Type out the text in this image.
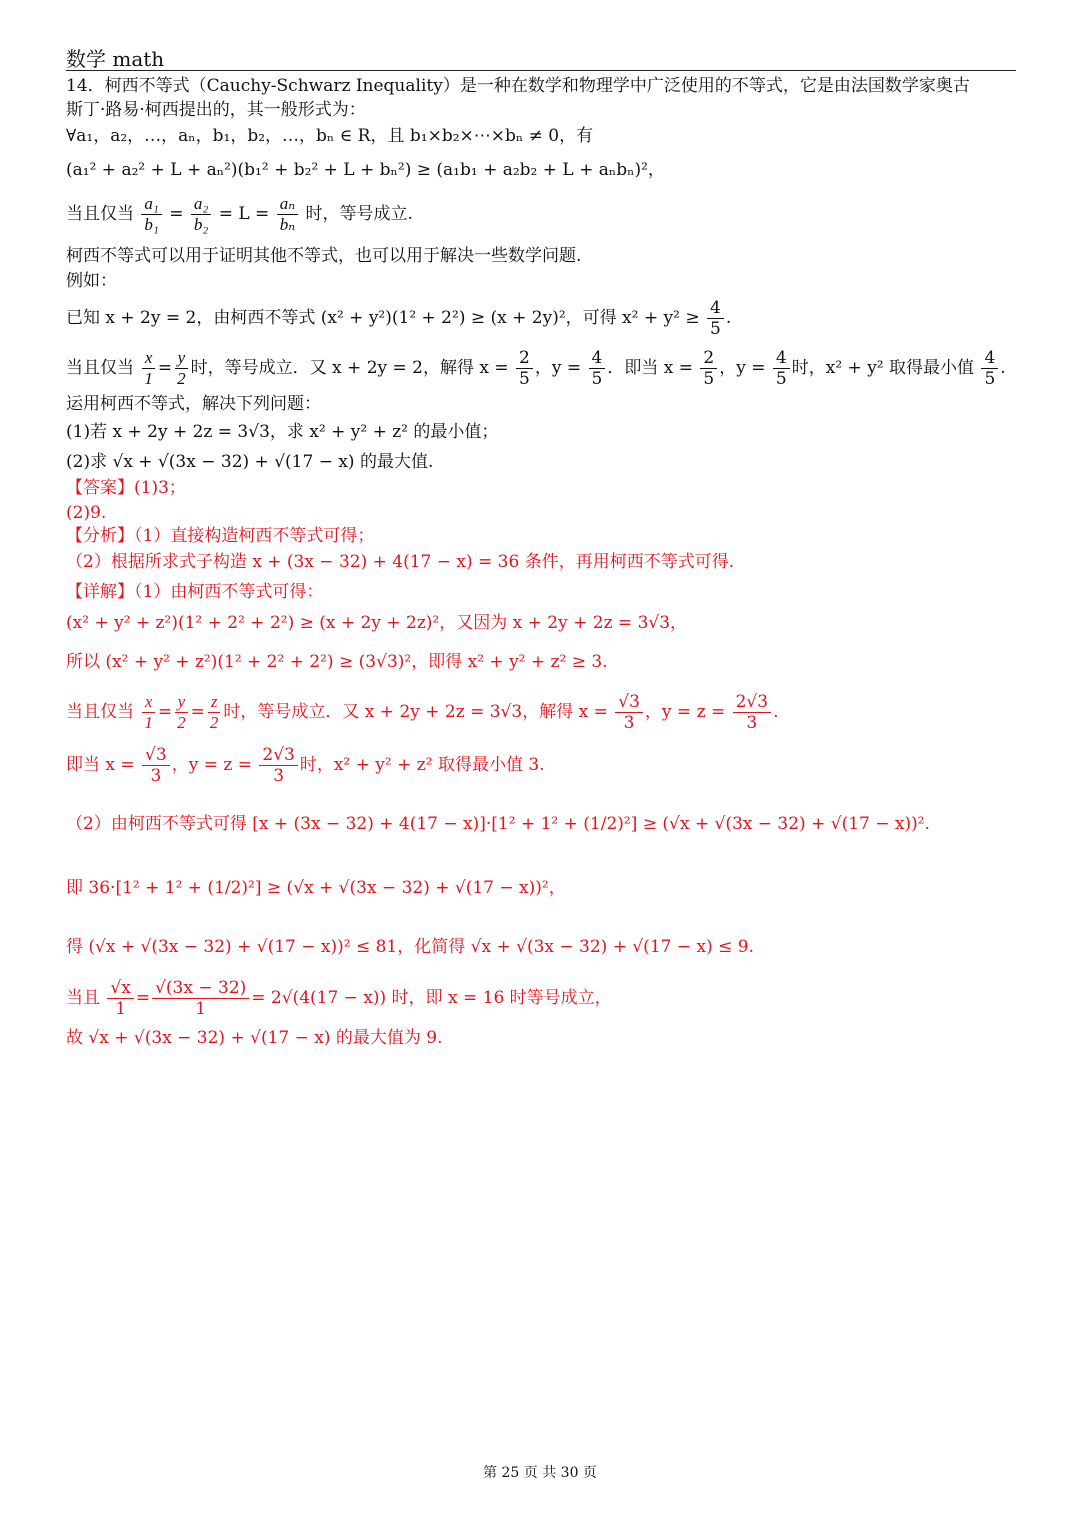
数学 math
14．柯西不等式（Cauchy-Schwarz Inequality）是一种在数学和物理学中广泛使用的不等式，它是由法国数学家奥古
斯丁·路易·柯西提出的，其一般形式为：
∀a₁，a₂，…，aₙ，b₁，b₂，…，bₙ ∈ R，且 b₁×b₂×⋯×bₙ ≠ 0，有
(a₁² + a₂² + L + aₙ²)(b₁² + b₂² + L + bₙ²) ≥ (a₁b₁ + a₂b₂ + L + aₙbₙ)²，
当且仅当 $\frac{\text{a₁}}{\text{b₁}} = \frac{\text{a₂}}{\text{b₂}} = L = \frac{\text{aₙ}}{\text{bₙ}}$ 时，等号成立.
柯西不等式可以用于证明其他不等式，也可以用于解决一些数学问题.
例如：
已知 x + 2y = 2，由柯西不等式 (x² + y²)(1² + 2²) ≥ (x + 2y)²，可得 $x^2 + y^2 \ge \frac{4}{5}$ .
当且仅当 $\frac{x}{1} = \frac{y}{2}$ 时，等号成立．又 x + 2y = 2，解得 $x = \frac{2}{5}$ ，$y = \frac{4}{5}$ ．即当 $x = \frac{2}{5}$ ，$y = \frac{4}{5}$ 时，x² + y² 取得最小值 $\frac{4}{5}$ .
运用柯西不等式，解决下列问题：
(1)若 x + 2y + 2z = 3√3，求 x² + y² + z² 的最小值；
(2)求 √x + √(3x − 32) + √(17 − x) 的最大值.
【答案】(1)3；
(2)9.
【分析】（1）直接构造柯西不等式可得；
（2）根据所求式子构造 x + (3x − 32) + 4(17 − x) = 36 条件，再用柯西不等式可得.
【详解】（1）由柯西不等式可得：
(x² + y² + z²)(1² + 2² + 2²) ≥ (x + 2y + 2z)²，又因为 x + 2y + 2z = 3√3，
所以 (x² + y² + z²)(1² + 2² + 2²) ≥ (3√3)²，即得 x² + y² + z² ≥ 3.
当且仅当 $\frac{x}{1} = \frac{y}{2} = \frac{z}{2}$ 时，等号成立．又 x + 2y + 2z = 3√3，解得 $x = \frac{√3}{3}$ ，$y = z = \frac{2√3}{3}$ .
即当 $x = \frac{√3}{3}$ ，$y = z = \frac{2√3}{3}$ 时，x² + y² + z² 取得最小值 3.
（2）由柯西不等式可得 [x + (3x − 32) + 4(17 − x)]·[1² + 1² + (1/2)²] ≥ (√x + √(3x − 32) + √(17 − x))².
即 36·[1² + 1² + (1/2)²] ≥ (√x + √(3x − 32) + √(17 − x))²，
得 (√x + √(3x − 32) + √(17 − x))² ≤ 81，化简得 √x + √(3x − 32) + √(17 − x) ≤ 9.
当且 $\frac{√x}{1} = \frac{√(3x - 32)}{1} = 2√(4(17 - x))$ 时，即 x = 16 时等号成立，
故 √x + √(3x − 32) + √(17 − x) 的最大值为 9.
第 25 页 共 30 页
